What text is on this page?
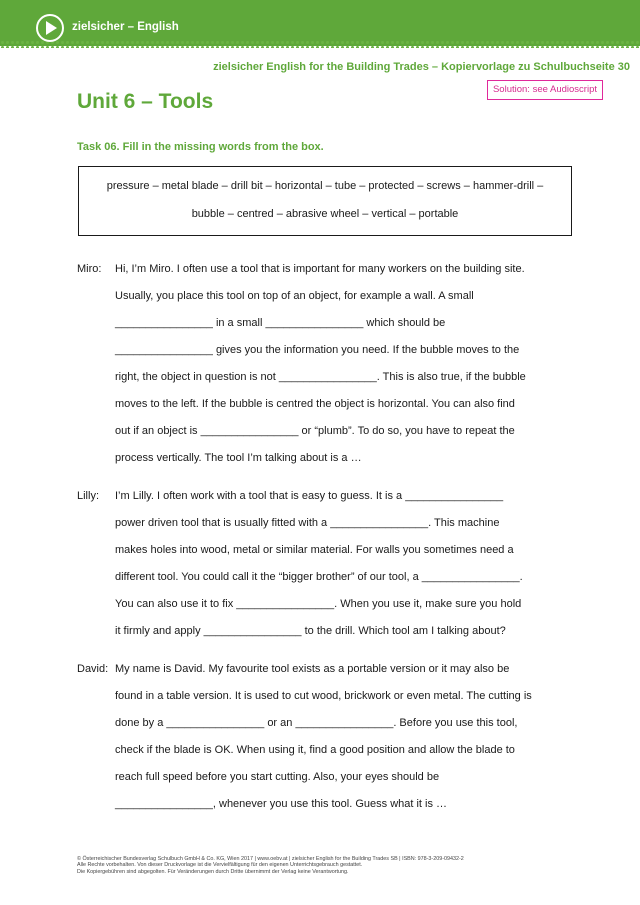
zielsicher – English
zielsicher English for the Building Trades – Kopiervorlage zu Schulbuchseite 30
Solution: see Audioscript
Unit 6 – Tools
Task 06. Fill in the missing words from the box.
pressure – metal blade – drill bit – horizontal – tube – protected – screws – hammer-drill –
bubble – centred – abrasive wheel – vertical – portable
Miro: Hi, I’m Miro. I often use a tool that is important for many workers on the building site.
Usually, you place this tool on top of an object, for example a wall. A small
________________ in a small ________________ which should be
________________ gives you the information you need. If the bubble moves to the
right, the object in question is not ________________. This is also true, if the bubble
moves to the left. If the bubble is centred the object is horizontal. You can also find
out if an object is ________________ or “plumb”. To do so, you have to repeat the
process vertically. The tool I’m talking about is a …
Lilly: I’m Lilly. I often work with a tool that is easy to guess. It is a ________________
power driven tool that is usually fitted with a ________________. This machine
makes holes into wood, metal or similar material. For walls you sometimes need a
different tool. You could call it the “bigger brother” of our tool, a ________________.
You can also use it to fix ________________. When you use it, make sure you hold
it firmly and apply ________________ to the drill. Which tool am I talking about?
David: My name is David. My favourite tool exists as a portable version or it may also be
found in a table version. It is used to cut wood, brickwork or even metal. The cutting is
done by a ________________ or an ________________. Before you use this tool,
check if the blade is OK. When using it, find a good position and allow the blade to
reach full speed before you start cutting. Also, your eyes should be
________________, whenever you use this tool. Guess what it is …
© Österreichischer Bundesverlag Schulbuch GmbH & Co. KG, Wien 2017 | www.oebv.at | zielsicher English for the Building Trades SB | ISBN: 978-3-209-09432-2
Alle Rechte vorbehalten. Von dieser Druckvorlage ist die Vervielfältigung für den eigenen Unterrichtsgebrauch gestattet.
Die Kopiergebühren sind abgegolten. Für Veränderungen durch Dritte übernimmt der Verlag keine Verantwortung.
